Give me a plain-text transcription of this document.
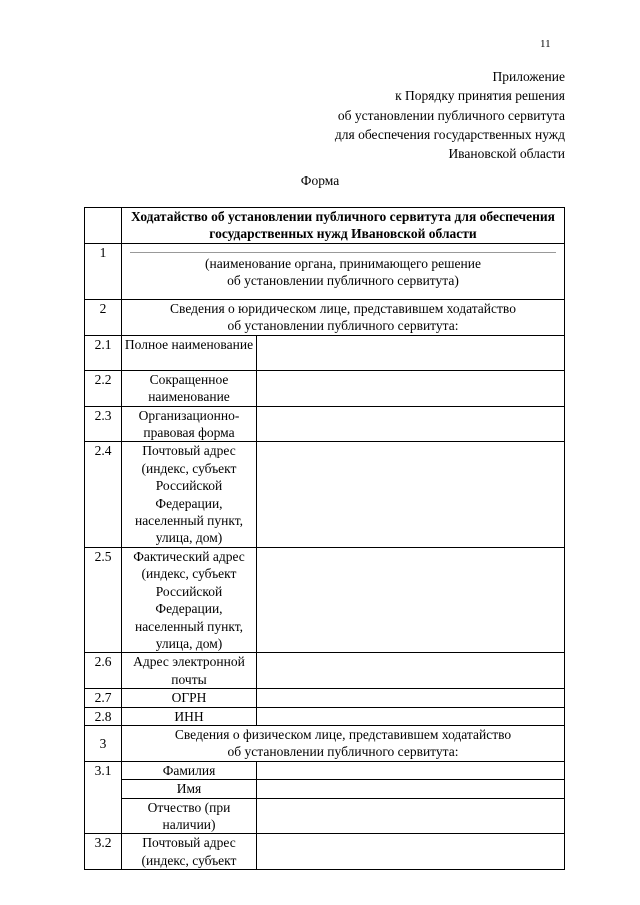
11
Приложение
к Порядку принятия решения
об установлении публичного сервитута
для обеспечения государственных нужд
Ивановской области
Форма
	Ходатайство об установлении публичного сервитута для обеспечения государственных нужд Ивановской области	
1	(наименование органа, принимающего решение
об установлении публичного сервитута)	

2	Сведения о юридическом лице, представившем ходатайство
об установлении публичного сервитута:	

2.1	Полное наименование	
2.2	Сокращенное наименование	
2.3	Организационно-правовая форма	
2.4	Почтовый адрес (индекс, субъект Российской Федерации, населенный пункт, улица, дом)	
2.5	Фактический адрес (индекс, субъект Российской Федерации, населенный пункт, улица, дом)	
2.6	Адрес электронной почты	
2.7	ОГРН	
2.8	ИНН	
3	Сведения о физическом лице, представившем ходатайство
об установлении публичного сервитута:	

3.1	Фамилия	
	Имя	
	Отчество (при наличии)	
3.2	Почтовый адрес (индекс, субъект	
